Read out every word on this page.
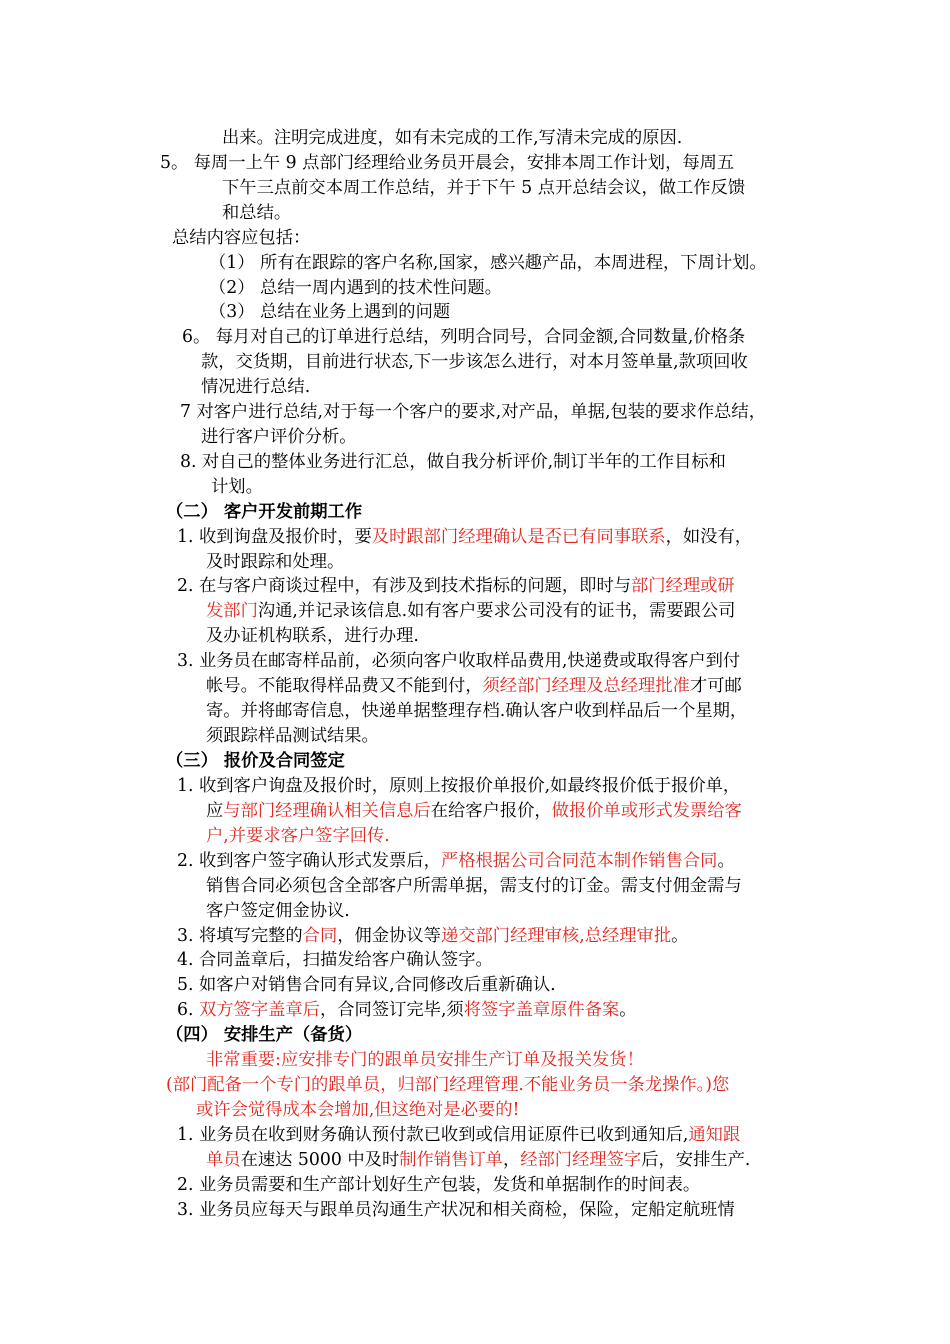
出来。注明完成进度，如有未完成的工作,写清未完成的原因.
5。 每周一上午 9 点部门经理给业务员开晨会，安排本周工作计划，每周五
下午三点前交本周工作总结，并于下午 5 点开总结会议，做工作反馈
和总结。
总结内容应包括：
（1） 所有在跟踪的客户名称,国家，感兴趣产品，本周进程，下周计划。
（2） 总结一周内遇到的技术性问题。
（3） 总结在业务上遇到的问题
6。 每月对自己的订单进行总结，列明合同号，合同金额,合同数量,价格条
款，交货期，目前进行状态,下一步该怎么进行，对本月签单量,款项回收
情况进行总结.
7 对客户进行总结,对于每一个客户的要求,对产品，单据,包装的要求作总结，
进行客户评价分析。
8. 对自己的整体业务进行汇总，做自我分析评价,制订半年的工作目标和
计划。
（二） 客户开发前期工作
1. 收到询盘及报价时，要及时跟部门经理确认是否已有同事联系，如没有，
及时跟踪和处理。
2. 在与客户商谈过程中，有涉及到技术指标的问题，即时与部门经理或研
发部门沟通,并记录该信息.如有客户要求公司没有的证书，需要跟公司
及办证机构联系，进行办理.
3. 业务员在邮寄样品前，必须向客户收取样品费用,快递费或取得客户到付
帐号。不能取得样品费又不能到付，须经部门经理及总经理批准才可邮
寄。并将邮寄信息，快递单据整理存档.确认客户收到样品后一个星期，
须跟踪样品测试结果。
（三） 报价及合同签定
1. 收到客户询盘及报价时，原则上按报价单报价,如最终报价低于报价单，
应与部门经理确认相关信息后在给客户报价，做报价单或形式发票给客
户,并要求客户签字回传.
2. 收到客户签字确认形式发票后，严格根据公司合同范本制作销售合同。
销售合同必须包含全部客户所需单据，需支付的订金。需支付佣金需与
客户签定佣金协议.
3. 将填写完整的合同，佣金协议等递交部门经理审核,总经理审批。
4. 合同盖章后，扫描发给客户确认签字。
5. 如客户对销售合同有异议,合同修改后重新确认.
6. 双方签字盖章后，合同签订完毕,须将签字盖章原件备案。
（四） 安排生产（备货）
非常重要:应安排专门的跟单员安排生产订单及报关发货！
(部门配备一个专门的跟单员，归部门经理管理.不能业务员一条龙操作。)您
或许会觉得成本会增加,但这绝对是必要的!
1. 业务员在收到财务确认预付款已收到或信用证原件已收到通知后,通知跟
单员在速达 5000 中及时制作销售订单，经部门经理签字后，安排生产.
2. 业务员需要和生产部计划好生产包装，发货和单据制作的时间表。
3. 业务员应每天与跟单员沟通生产状况和相关商检，保险，定船定航班情
